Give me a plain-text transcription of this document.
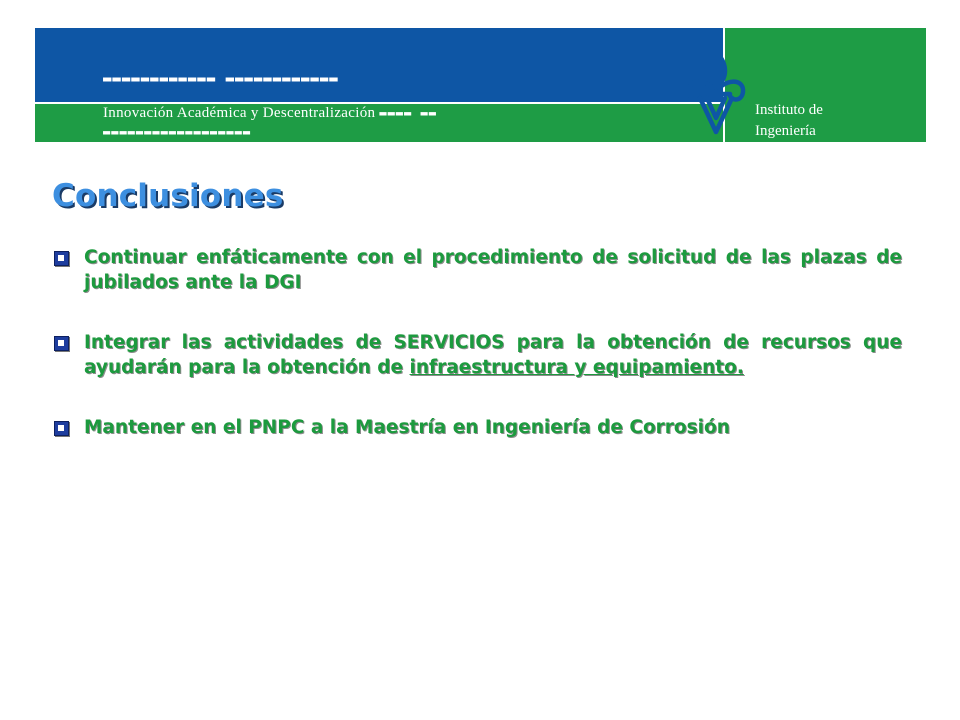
▬▬▬▬▬▬▬▬▬▬▬▬ ▬▬▬▬▬▬▬▬▬▬▬▬
Innovación Académica y Descentralización ▬▬▬▬ ▬▬
▬▬▬▬▬▬▬▬▬▬▬▬▬▬▬▬▬▬
Instituto de
Ingeniería
Conclusiones
Continuar enfáticamente con el procedimiento de solicitud de las plazas de jubilados ante la DGI
Integrar las actividades de SERVICIOS para la obtención de recursos que ayudarán para la obtención de infraestructura y equipamiento.
Mantener en el PNPC a la Maestría en Ingeniería de Corrosión
